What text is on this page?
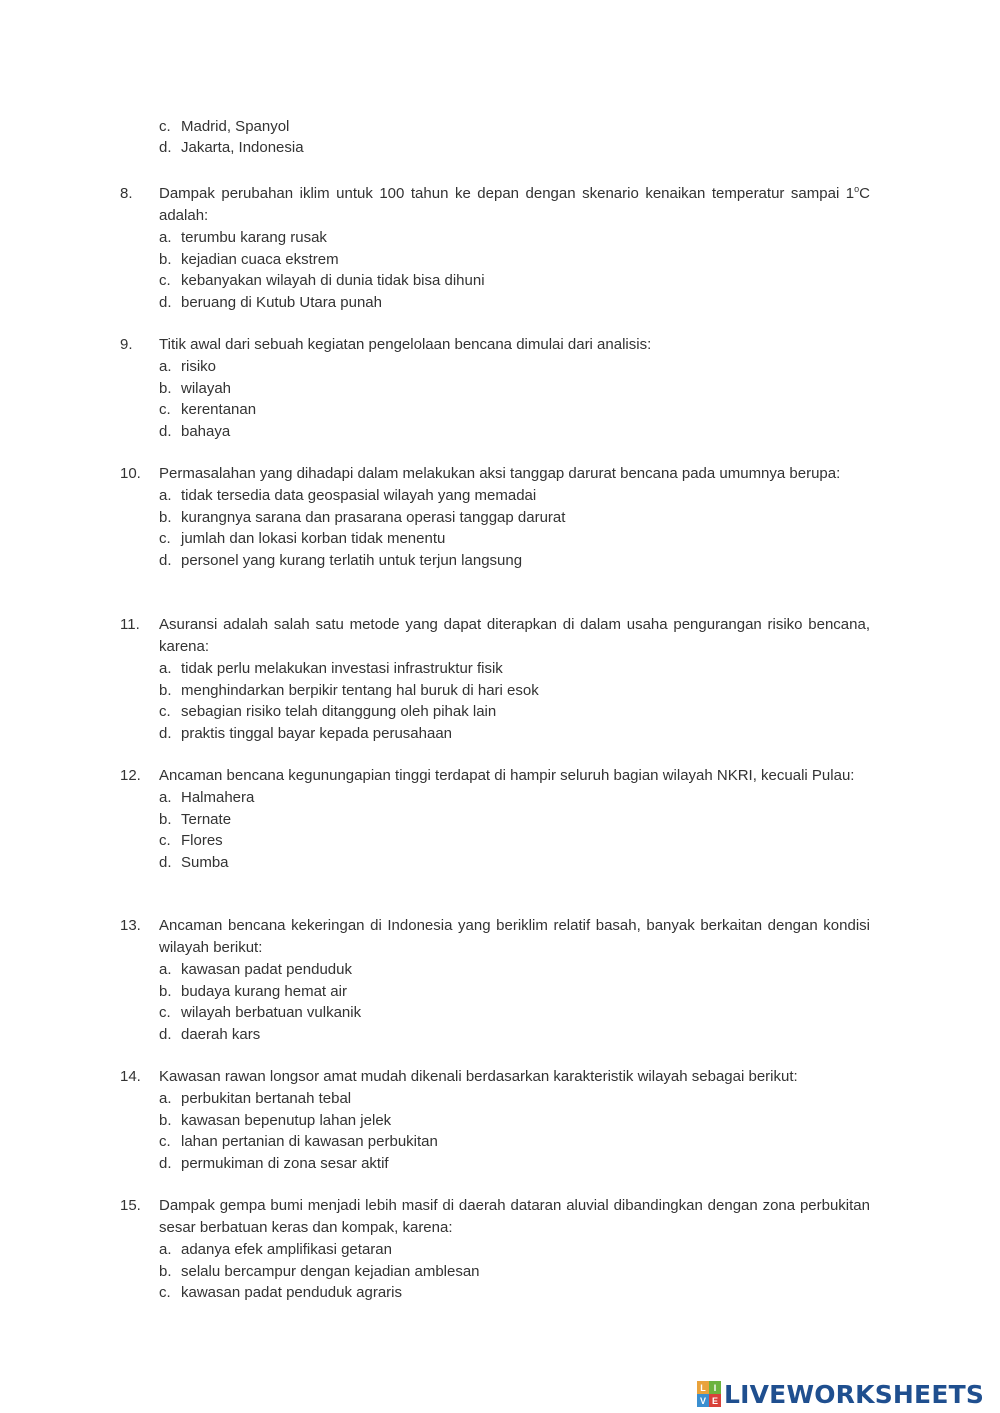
c. Madrid, Spanyol
d. Jakarta, Indonesia
8.	Dampak perubahan iklim untuk 100 tahun ke depan dengan skenario kenaikan temperatur sampai 1$^o$C adalah:
a. terumbu karang rusak
b. kejadian cuaca ekstrem
c. kebanyakan wilayah di dunia tidak bisa dihuni
d. beruang di Kutub Utara punah
9.	Titik awal dari sebuah kegiatan pengelolaan bencana dimulai dari analisis:
a. risiko
b. wilayah
c. kerentanan
d. bahaya
10.	Permasalahan yang dihadapi dalam melakukan aksi tanggap darurat bencana pada umumnya berupa:
a. tidak tersedia data geospasial wilayah yang memadai
b. kurangnya sarana dan prasarana operasi tanggap darurat
c. jumlah dan lokasi korban tidak menentu
d. personel yang kurang terlatih untuk terjun langsung
11.	Asuransi adalah salah satu metode yang dapat diterapkan di dalam usaha pengurangan risiko bencana, karena:
a. tidak perlu melakukan investasi infrastruktur fisik
b. menghindarkan berpikir tentang hal buruk di hari esok
c. sebagian risiko telah ditanggung oleh pihak lain
d. praktis tinggal bayar kepada perusahaan
12.	Ancaman bencana kegunungapian tinggi terdapat di hampir seluruh bagian wilayah NKRI, kecuali Pulau:
a. Halmahera
b. Ternate
c. Flores
d. Sumba
13.	Ancaman bencana kekeringan di Indonesia yang beriklim relatif basah, banyak berkaitan dengan kondisi wilayah berikut:
a. kawasan padat penduduk
b. budaya kurang hemat air
c. wilayah berbatuan vulkanik
d. daerah kars
14.	Kawasan rawan longsor amat mudah dikenali berdasarkan karakteristik wilayah sebagai berikut:
a. perbukitan bertanah tebal
b. kawasan bepenutup lahan jelek
c. lahan pertanian di kawasan perbukitan
d. permukiman di zona sesar aktif
15.	Dampak gempa bumi menjadi lebih masif di daerah dataran aluvial dibandingkan dengan zona perbukitan sesar berbatuan keras dan kompak, karena:
a. adanya efek amplifikasi getaran
b. selalu bercampur dengan kejadian amblesan
c. kawasan padat penduduk agraris
L I
V E LIVEWORKSHEETS
